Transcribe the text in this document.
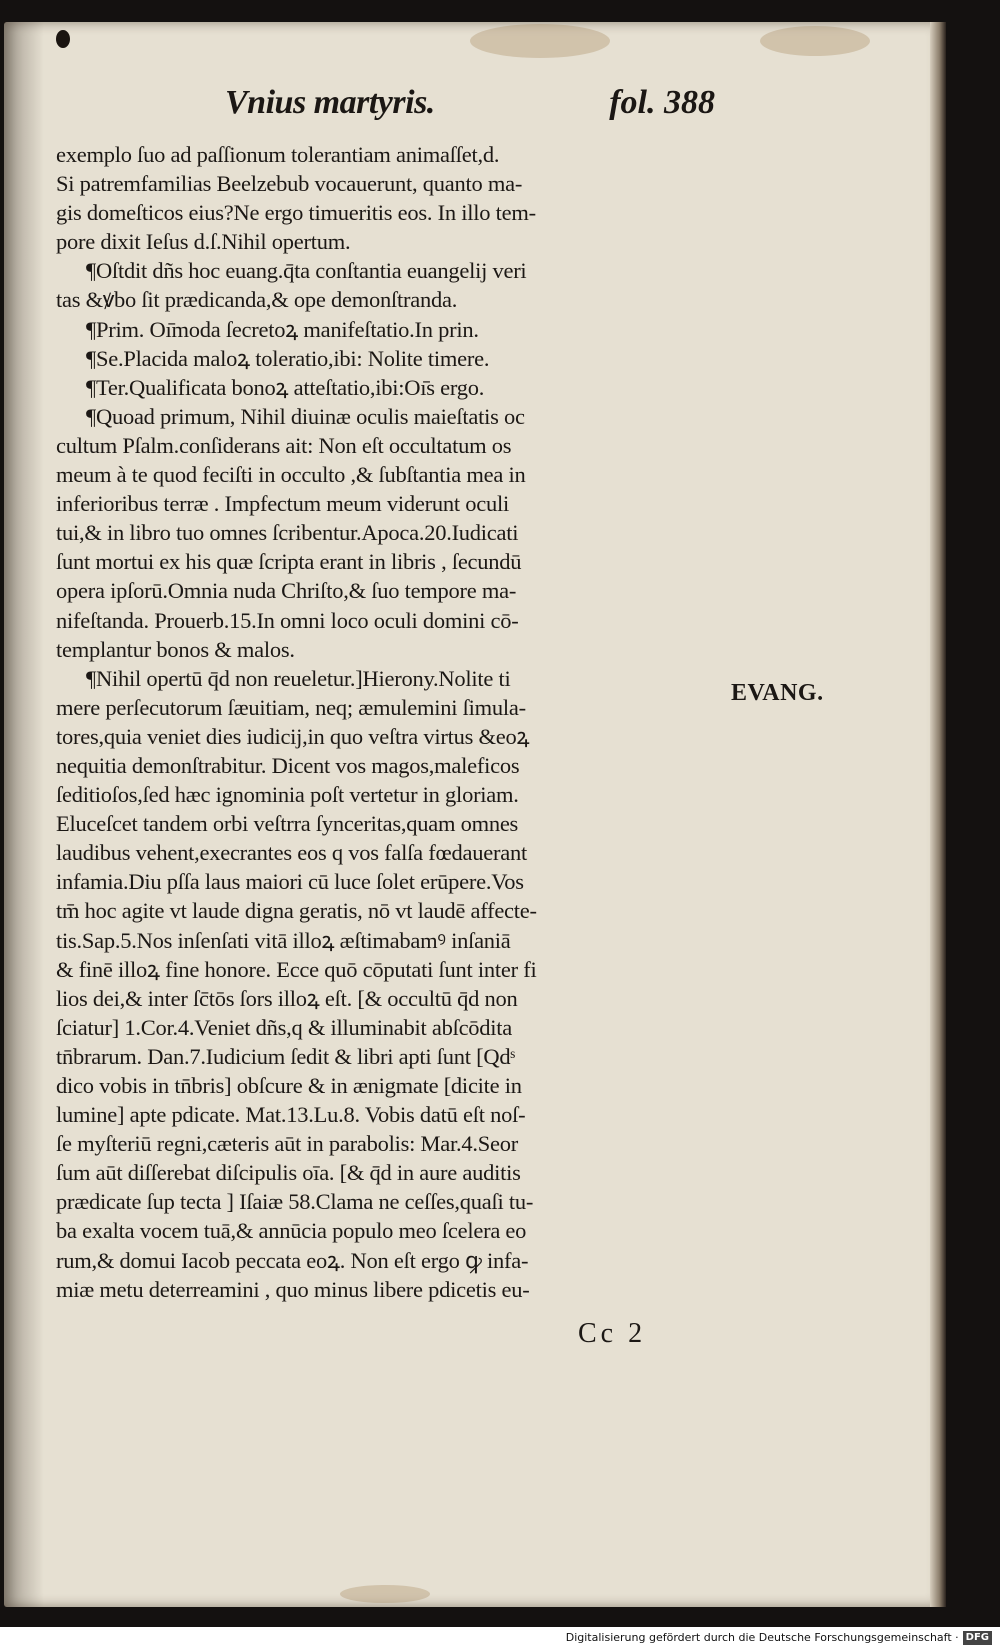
Vnius martyris.	fol. 388
exemplo ſuo ad paſſionum tolerantiam animaſſet,d.
Si patremfamilias Beelzebub vocauerunt, quanto ma-
gis domeſticos eius?Ne ergo timueritis eos. In illo tem-
pore dixit Ieſus d.ſ.Nihil opertum.
¶Oſtdit dñs hoc euang.q̄ta conſtantia euangelij veri
tas &ꝟbo ſit prædicanda,& ope demonſtranda.
¶Prim. Oı̄moda ſecretoꝝ manifeſtatio.In prin.
¶Se.Placida maloꝝ toleratio,ibi: Nolite timere.
¶Ter.Qualificata bonoꝝ atteſtatio,ibi:Oı̄s ergo.
¶Quoad primum, Nihil diuinæ oculis maieſtatis oc
cultum Pſalm.conſiderans ait: Non eſt occultatum os
meum à te quod feciſti in occulto ,& ſubſtantia mea in
inferioribus terræ . Impfectum meum viderunt oculi
tui,& in libro tuo omnes ſcribentur.Apoca.20.Iudicati
ſunt mortui ex his quæ ſcripta erant in libris , ſecundū
opera ipſorū.Omnia nuda Chriſto,& ſuo tempore ma-
nifeſtanda. Prouerb.15.In omni loco oculi domini cō-
templantur bonos & malos.
¶Nihil opertū q̄d non reueletur.]Hierony.Nolite ti
mere perſecutorum ſæuitiam, neq; æmulemini ſimula-
tores,quia veniet dies iudicij,in quo veſtra virtus &eoꝝ
nequitia demonſtrabitur. Dicent vos magos,maleficos
ſeditioſos,ſed hæc ignominia poſt vertetur in gloriam.
Eluceſcet tandem orbi veſtrra ſynceritas,quam omnes
laudibus vehent,execrantes eos q vos falſa fœdauerant
infamia.Diu pſſa laus maiori cū luce ſolet erūpere.Vos
tm̄ hoc agite vt laude digna geratis, nō vt laudē affecte-
tis.Sap.5.Nos inſenſati vitā illoꝝ æſtimabamꝰ inſaniā
& finē illoꝝ fine honore. Ecce quō cōputati ſunt inter fi
lios dei,& inter ſc̄tōs ſors illoꝝ eſt. [& occultū q̄d non
ſciatur] 1.Cor.4.Veniet dñs,q & illuminabit abſcōdita
tn̄brarum. Dan.7.Iudicium ſedit & libri apti ſunt [Qdˢ
dico vobis in tn̄bris] obſcure & in ænigmate [dicite in
lumine] apte pdicate. Mat.13.Lu.8. Vobis datū eſt noſ-
ſe myſteriū regni,cæteris aūt in parabolis: Mar.4.Seor
ſum aūt diſſerebat diſcipulis oīa. [& q̄d in aure auditis
prædicate ſup tecta ] Iſaiæ 58.Clama ne ceſſes,quaſi tu-
ba exalta vocem tuā,& annūcia populo meo ſcelera eo
rum,& domui Iacob peccata eoꝝ. Non eſt ergo ꝙ infa-
miæ metu deterreamini , quo minus libere pdicetis eu-
EVANG.
Cc 2
Digitalisierung gefördert durch die Deutsche Forschungsgemeinschaft · DFG
